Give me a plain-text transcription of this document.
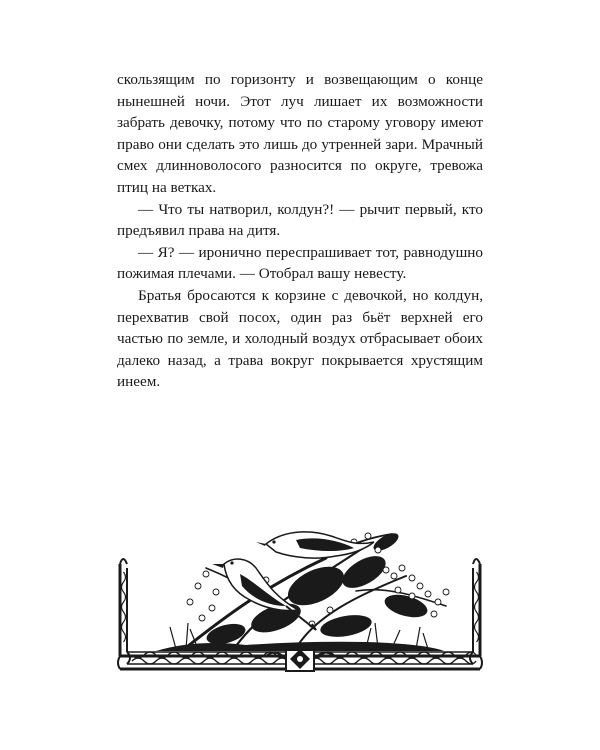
скользящим по горизонту и возвещающим о конце нынешней ночи. Этот луч лишает их возможности забрать девочку, потому что по старому уговору имеют право они сделать это лишь до утренней зари. Мрачный смех длинноволосого разносится по округе, тревожа птиц на ветках.

— Что ты натворил, колдун?! — рычит первый, кто предъявил права на дитя.

— Я? — иронично переспрашивает тот, равнодушно пожимая плечами. — Отобрал вашу невесту.

Братья бросаются к корзине с девочкой, но колдун, перехватив свой посох, один раз бьёт верхней его частью по земле, и холодный воздух отбрасывает обоих далеко назад, а трава вокруг покрывается хрустящим инеем.
